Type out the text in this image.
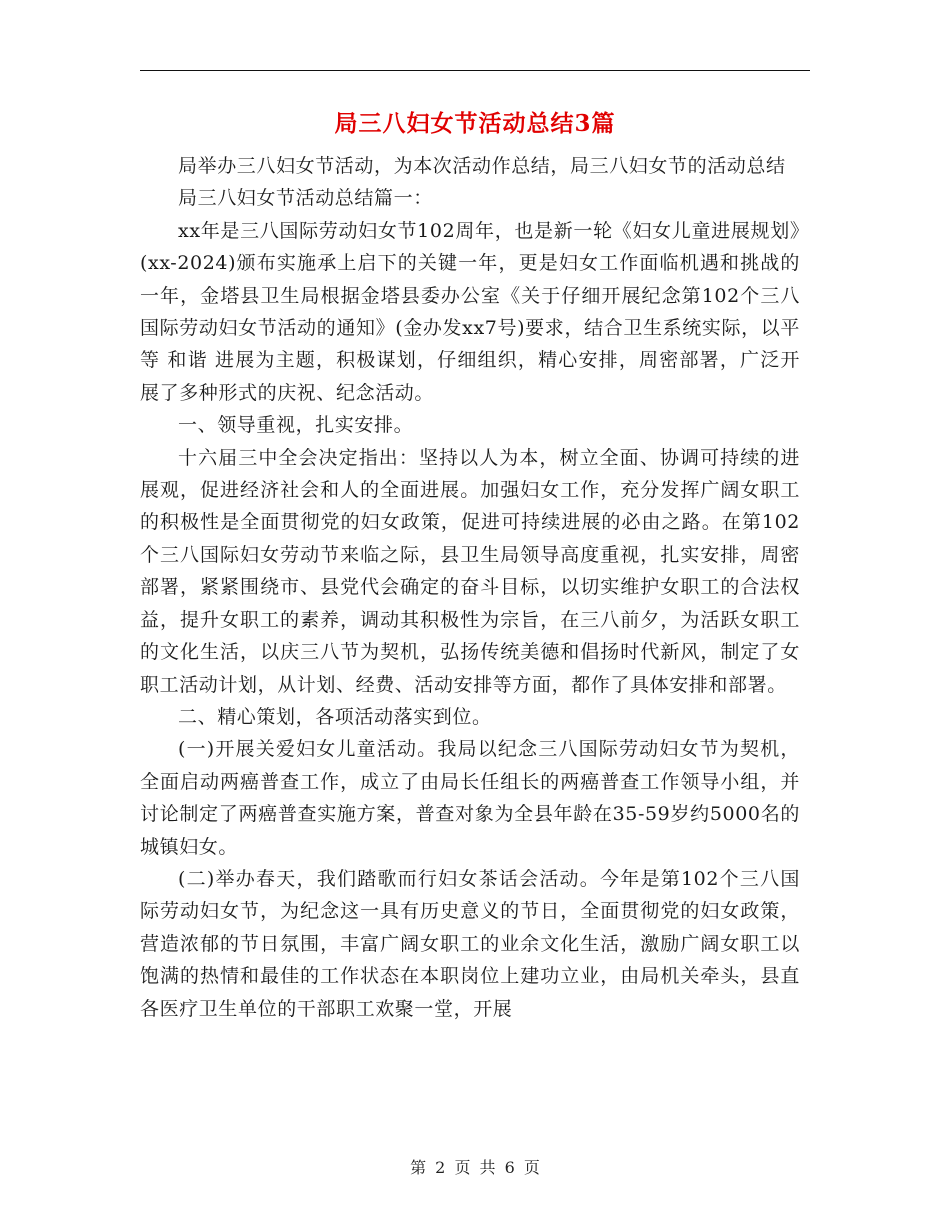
局三八妇女节活动总结3篇

局举办三八妇女节活动，为本次活动作总结，局三八妇女节的活动总结

局三八妇女节活动总结篇一：

xx年是三八国际劳动妇女节102周年，也是新一轮《妇女儿童进展规划》(xx-2024)颁布实施承上启下的关键一年，更是妇女工作面临机遇和挑战的一年，金塔县卫生局根据金塔县委办公室《关于仔细开展纪念第102个三八国际劳动妇女节活动的通知》(金办发xx7号)要求，结合卫生系统实际，以平等 和谐 进展为主题，积极谋划，仔细组织，精心安排，周密部署，广泛开展了多种形式的庆祝、纪念活动。

一、领导重视，扎实安排。

十六届三中全会决定指出：坚持以人为本，树立全面、协调可持续的进展观，促进经济社会和人的全面进展。加强妇女工作，充分发挥广阔女职工的积极性是全面贯彻党的妇女政策，促进可持续进展的必由之路。在第102个三八国际妇女劳动节来临之际，县卫生局领导高度重视，扎实安排，周密部署，紧紧围绕市、县党代会确定的奋斗目标，以切实维护女职工的合法权益，提升女职工的素养，调动其积极性为宗旨，在三八前夕，为活跃女职工的文化生活，以庆三八节为契机，弘扬传统美德和倡扬时代新风，制定了女职工活动计划，从计划、经费、活动安排等方面，都作了具体安排和部署。

二、精心策划，各项活动落实到位。

(一)开展关爱妇女儿童活动。我局以纪念三八国际劳动妇女节为契机，全面启动两癌普查工作，成立了由局长任组长的两癌普查工作领导小组，并讨论制定了两癌普查实施方案，普查对象为全县年龄在35-59岁约5000名的城镇妇女。

(二)举办春天，我们踏歌而行妇女茶话会活动。今年是第102个三八国际劳动妇女节，为纪念这一具有历史意义的节日，全面贯彻党的妇女政策，营造浓郁的节日氛围，丰富广阔女职工的业余文化生活，激励广阔女职工以饱满的热情和最佳的工作状态在本职岗位上建功立业，由局机关牵头，县直各医疗卫生单位的干部职工欢聚一堂，开展

第 2 页 共 6 页
